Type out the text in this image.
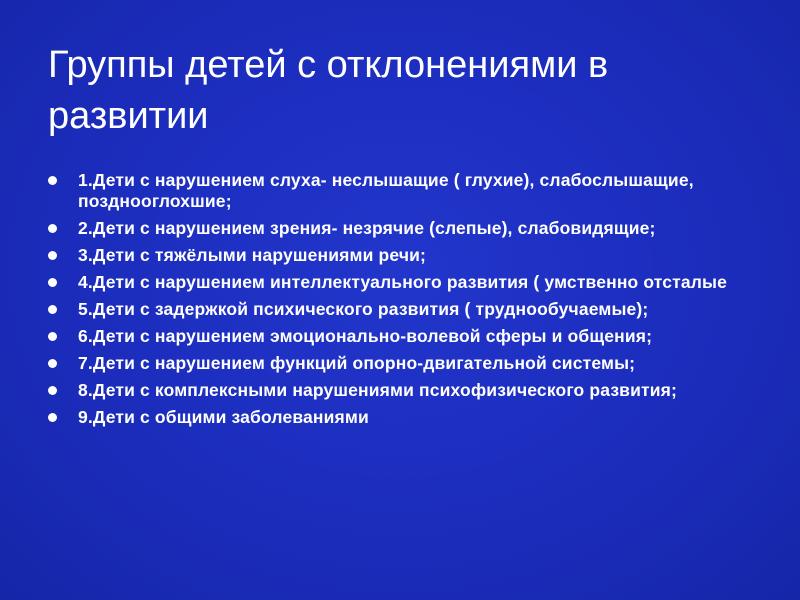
Группы детей с отклонениями в развитии
1.Дети с нарушением слуха- неслышащие ( глухие), слабослышащие, позднооглохшие;
2.Дети с нарушением зрения- незрячие (слепые), слабовидящие;
3.Дети с тяжёлыми нарушениями речи;
4.Дети с нарушением интеллектуального развития ( умственно отсталые
5.Дети с задержкой психического развития ( труднообучаемые);
6.Дети с нарушением эмоционально-волевой сферы и общения;
7.Дети с нарушением функций опорно-двигательной системы;
8.Дети с комплексными нарушениями психофизического развития;
9.Дети с общими заболеваниями
